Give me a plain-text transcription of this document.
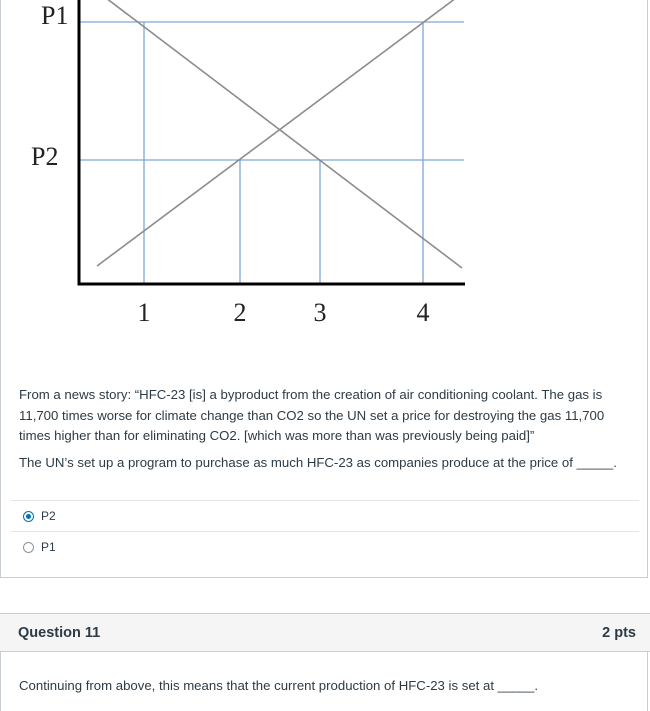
P1
P2
1	2	3	4

From a news story: “HFC-23 [is] a byproduct from the creation of air conditioning coolant. The gas is 11,700 times worse for climate change than CO2 so the UN set a price for destroying the gas 11,700 times higher than for eliminating CO2. [which was more than was previously being paid]”

The UN’s set up a program to purchase as much HFC-23 as companies produce at the price of _____.

P2
P1
Question 11	2 pts

Continuing from above, this means that the current production of HFC-23 is set at _____.
